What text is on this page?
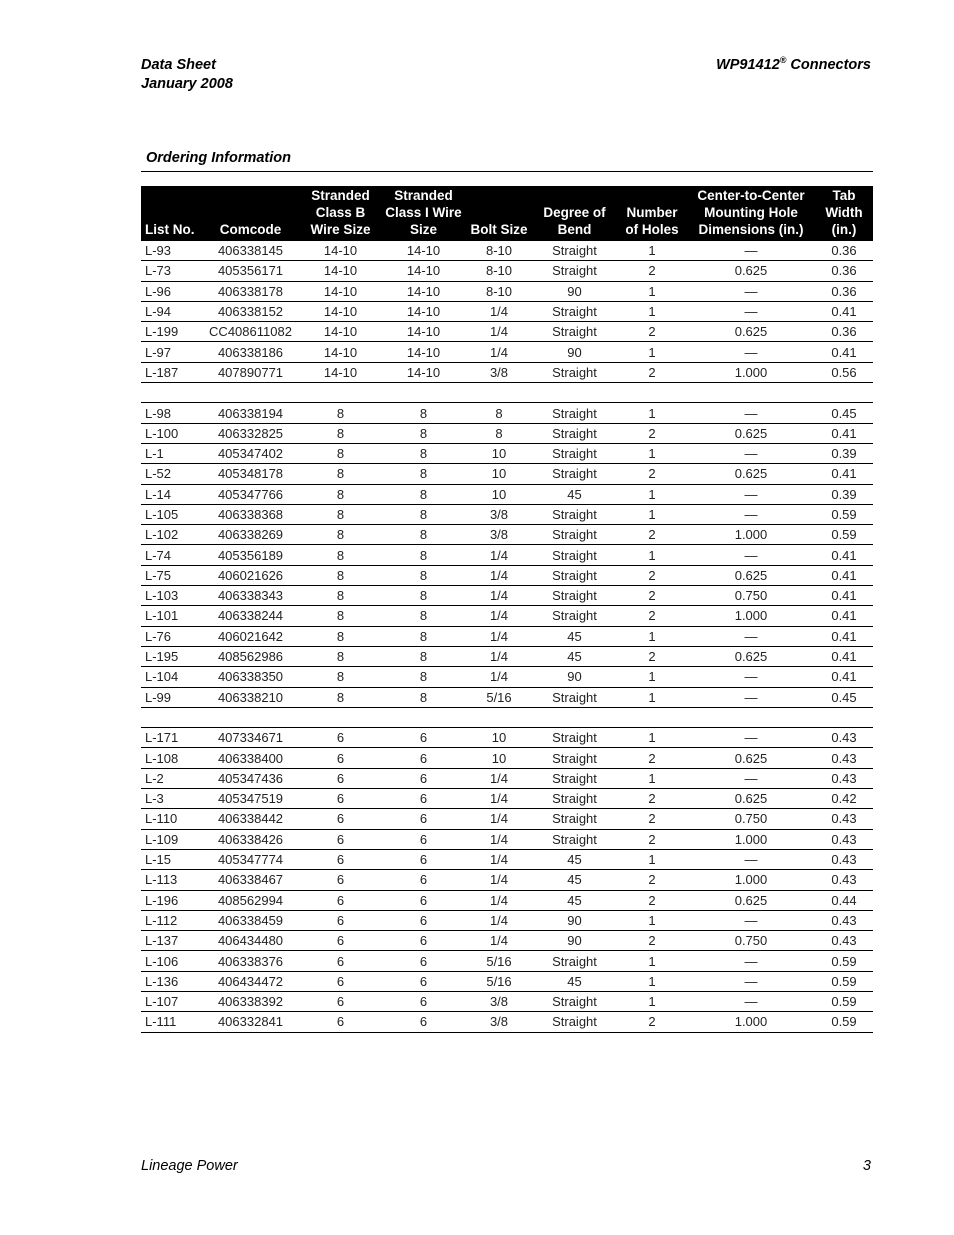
Data Sheet
January 2008
WP91412® Connectors
Ordering Information
List No.	Comcode	Stranded
Class B
Wire Size	Stranded
Class I Wire
Size	Bolt Size	Degree of
Bend	Number
of Holes	Center-to-Center
Mounting Hole
Dimensions (in.)	Tab
Width
(in.)
L-93	406338145	14-10	14-10	8-10	Straight	1	—	0.36
L-73	405356171	14-10	14-10	8-10	Straight	2	0.625	0.36
L-96	406338178	14-10	14-10	8-10	90	1	—	0.36
L-94	406338152	14-10	14-10	1/4	Straight	1	—	0.41
L-199	CC408611082	14-10	14-10	1/4	Straight	2	0.625	0.36
L-97	406338186	14-10	14-10	1/4	90	1	—	0.41
L-187	407890771	14-10	14-10	3/8	Straight	2	1.000	0.56

L-98	406338194	8	8	8	Straight	1	—	0.45
L-100	406332825	8	8	8	Straight	2	0.625	0.41
L-1	405347402	8	8	10	Straight	1	—	0.39
L-52	405348178	8	8	10	Straight	2	0.625	0.41
L-14	405347766	8	8	10	45	1	—	0.39
L-105	406338368	8	8	3/8	Straight	1	—	0.59
L-102	406338269	8	8	3/8	Straight	2	1.000	0.59
L-74	405356189	8	8	1/4	Straight	1	—	0.41
L-75	406021626	8	8	1/4	Straight	2	0.625	0.41
L-103	406338343	8	8	1/4	Straight	2	0.750	0.41
L-101	406338244	8	8	1/4	Straight	2	1.000	0.41
L-76	406021642	8	8	1/4	45	1	—	0.41
L-195	408562986	8	8	1/4	45	2	0.625	0.41
L-104	406338350	8	8	1/4	90	1	—	0.41
L-99	406338210	8	8	5/16	Straight	1	—	0.45

L-171	407334671	6	6	10	Straight	1	—	0.43
L-108	406338400	6	6	10	Straight	2	0.625	0.43
L-2	405347436	6	6	1/4	Straight	1	—	0.43
L-3	405347519	6	6	1/4	Straight	2	0.625	0.42
L-110	406338442	6	6	1/4	Straight	2	0.750	0.43
L-109	406338426	6	6	1/4	Straight	2	1.000	0.43
L-15	405347774	6	6	1/4	45	1	—	0.43
L-113	406338467	6	6	1/4	45	2	1.000	0.43
L-196	408562994	6	6	1/4	45	2	0.625	0.44
L-112	406338459	6	6	1/4	90	1	—	0.43
L-137	406434480	6	6	1/4	90	2	0.750	0.43
L-106	406338376	6	6	5/16	Straight	1	—	0.59
L-136	406434472	6	6	5/16	45	1	—	0.59
L-107	406338392	6	6	3/8	Straight	1	—	0.59
L-111	406332841	6	6	3/8	Straight	2	1.000	0.59
Lineage Power	3
